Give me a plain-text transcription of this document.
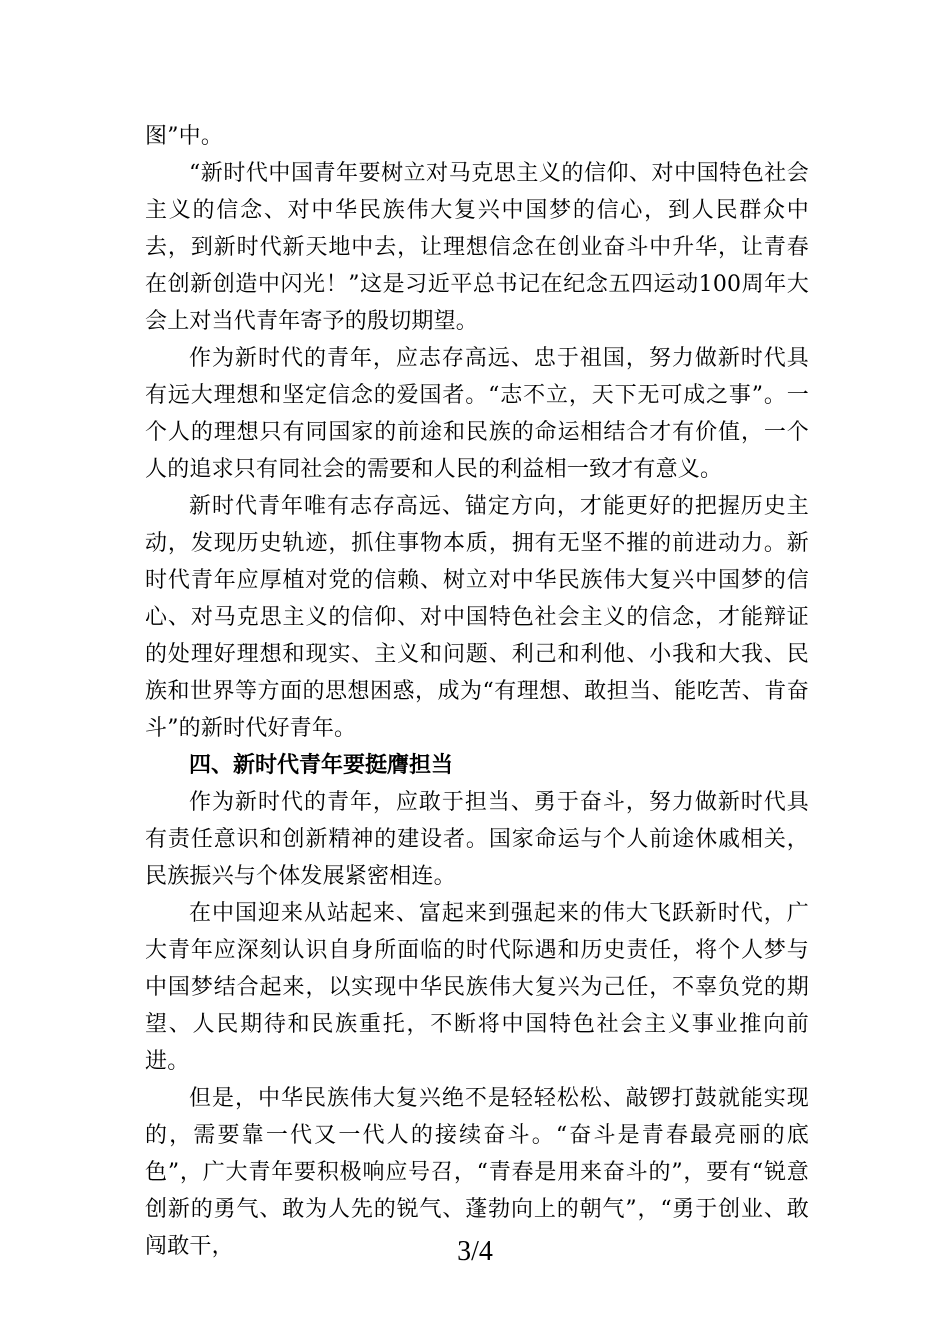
图”中。

“新时代中国青年要树立对马克思主义的信仰、对中国特色社会主义的信念、对中华民族伟大复兴中国梦的信心，到人民群众中去，到新时代新天地中去，让理想信念在创业奋斗中升华，让青春在创新创造中闪光！”这是习近平总书记在纪念五四运动100周年大会上对当代青年寄予的殷切期望。

作为新时代的青年，应志存高远、忠于祖国，努力做新时代具有远大理想和坚定信念的爱国者。“志不立，天下无可成之事”。一个人的理想只有同国家的前途和民族的命运相结合才有价值，一个人的追求只有同社会的需要和人民的利益相一致才有意义。

新时代青年唯有志存高远、锚定方向，才能更好的把握历史主动，发现历史轨迹，抓住事物本质，拥有无坚不摧的前进动力。新时代青年应厚植对党的信赖、树立对中华民族伟大复兴中国梦的信心、对马克思主义的信仰、对中国特色社会主义的信念，才能辩证的处理好理想和现实、主义和问题、利己和利他、小我和大我、民族和世界等方面的思想困惑，成为“有理想、敢担当、能吃苦、肯奋斗”的新时代好青年。

四、新时代青年要挺膺担当

作为新时代的青年，应敢于担当、勇于奋斗，努力做新时代具有责任意识和创新精神的建设者。国家命运与个人前途休戚相关，民族振兴与个体发展紧密相连。

在中国迎来从站起来、富起来到强起来的伟大飞跃新时代，广大青年应深刻认识自身所面临的时代际遇和历史责任，将个人梦与中国梦结合起来，以实现中华民族伟大复兴为己任，不辜负党的期望、人民期待和民族重托，不断将中国特色社会主义事业推向前进。

但是，中华民族伟大复兴绝不是轻轻松松、敲锣打鼓就能实现的，需要靠一代又一代人的接续奋斗。“奋斗是青春最亮丽的底色”，广大青年要积极响应号召，“青春是用来奋斗的”，要有“锐意创新的勇气、敢为人先的锐气、蓬勃向上的朝气”，“勇于创业、敢闯敢干，	3/4
